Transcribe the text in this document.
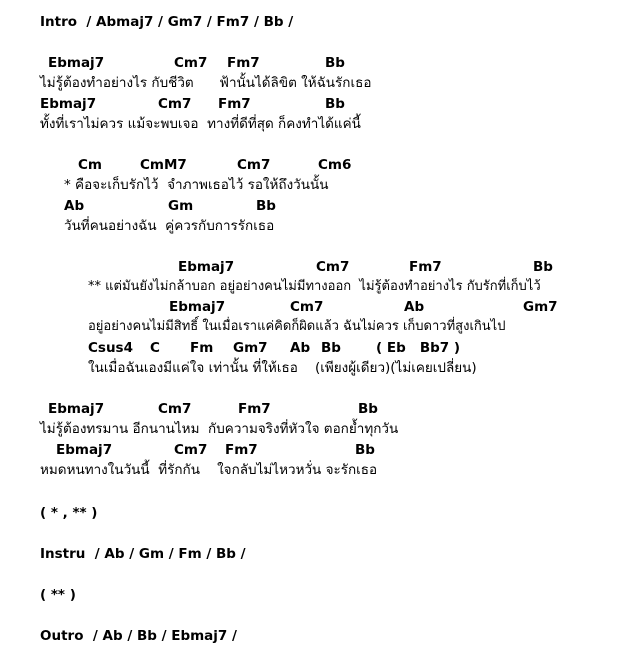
Intro  / Abmaj7 / Gm7 / Fm7 / Bb /
Ebmaj7	Cm7 Fm7	Bb
ไม่รู้ต้องทำอย่างไร กับชีวิต      ฟ้านั้นได้ลิขิต ให้ฉันรักเธอ
Ebmaj7	Cm7 Fm7	Bb
ทั้งที่เราไม่ควร แม้จะพบเจอ  ทางที่ดีที่สุด ก็คงทำได้แค่นี้
Cm	CmM7	Cm7	Cm6
* คือจะเก็บรักไว้  จำภาพเธอไว้ รอให้ถึงวันนั้น
Ab	Gm	Bb
วันที่คนอย่างฉัน  คู่ควรกับการรักเธอ
Ebmaj7	Cm7	Fm7	Bb
** แต่มันยังไม่กล้าบอก อยู่อย่างคนไม่มีทางออก  ไม่รู้ต้องทำอย่างไร กับรักที่เก็บไว้
Ebmaj7	Cm7	Ab	Gm7
อยู่อย่างคนไม่มีสิทธิ์ ในเมื่อเราแค่คิดก็ผิดแล้ว ฉันไม่ควร เก็บดาวที่สูงเกินไป
Csus4 C Fm Gm7 Ab Bb	( Eb   Bb7 )
ในเมื่อฉันเองมีแค่ใจ เท่านั้น ที่ให้เธอ    (เพียงผู้เดียว)(ไม่เคยเปลี่ยน)
Ebmaj7	Cm7	Fm7	Bb
ไม่รู้ต้องทรมาน อีกนานไหม  กับความจริงที่หัวใจ ตอกย้ำทุกวัน
Ebmaj7	Cm7 Fm7	Bb
หมดหนทางในวันนี้  ที่รักกัน    ใจกลับไม่ไหวหวั่น จะรักเธอ
( * , ** )
Instru  / Ab / Gm / Fm / Bb /
( ** )
Outro  / Ab / Bb / Ebmaj7 /
